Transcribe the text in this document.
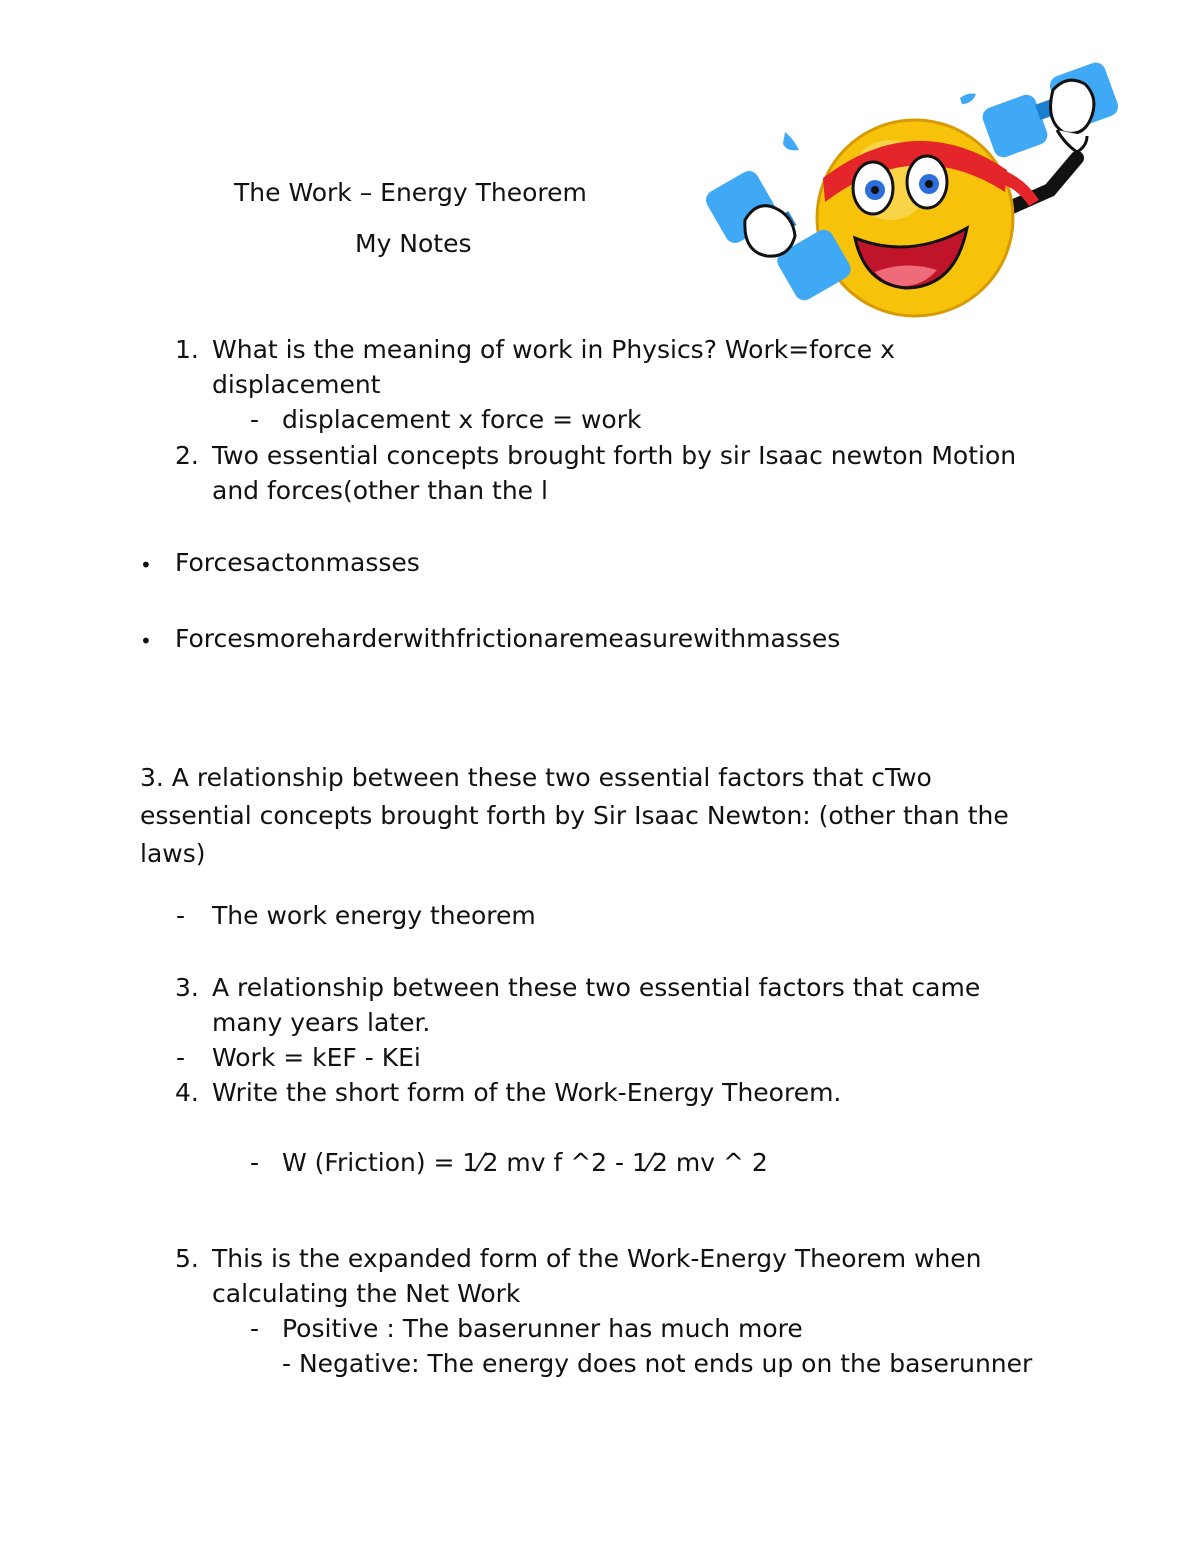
The Work – Energy Theorem
My Notes
1. What is the meaning of work in Physics? Work=force x
displacement
- displacement x force = work
2. Two essential concepts brought forth by sir Isaac newton Motion
and forces(other than the l
• Forcesactonmasses
• Forcesmoreharderwithfrictionaremeasurewithmasses
3. A relationship between these two essential factors that cTwo
essential concepts brought forth by Sir Isaac Newton: (other than the
laws)
- The work energy theorem
3. A relationship between these two essential factors that came
many years later.
- Work = kEF - KEi
4. Write the short form of the Work-Energy Theorem.
- W (Friction) = 1⁄2 mv f ^2 - 1⁄2 mv ^ 2
5. This is the expanded form of the Work-Energy Theorem when
calculating the Net Work
- Positive : The baserunner has much more
- Negative: The energy does not ends up on the baserunner
